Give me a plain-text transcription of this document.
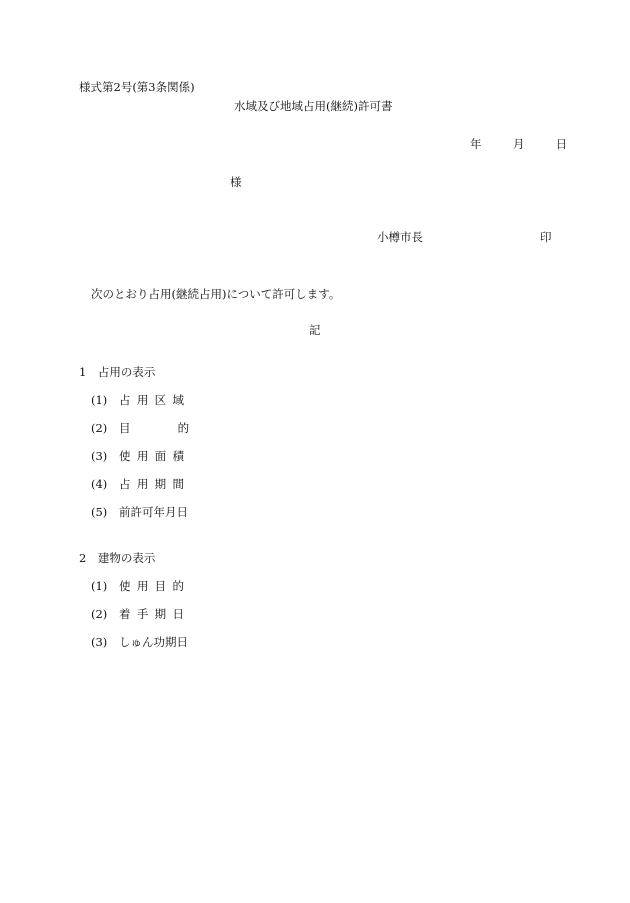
様式第2号(第3条関係)
水域及び地域占用(継続)許可書
年	月	日
様
小樽市長	印
次のとおり占用(継続占用)について許可します。
記
1　占用の表示
(1) 占用区域
(2) 目的
(3) 使用面積
(4) 占用期間
(5) 前許可年月日
2　建物の表示
(1) 使用目的
(2) 着手期日
(3) しゅん功期日
